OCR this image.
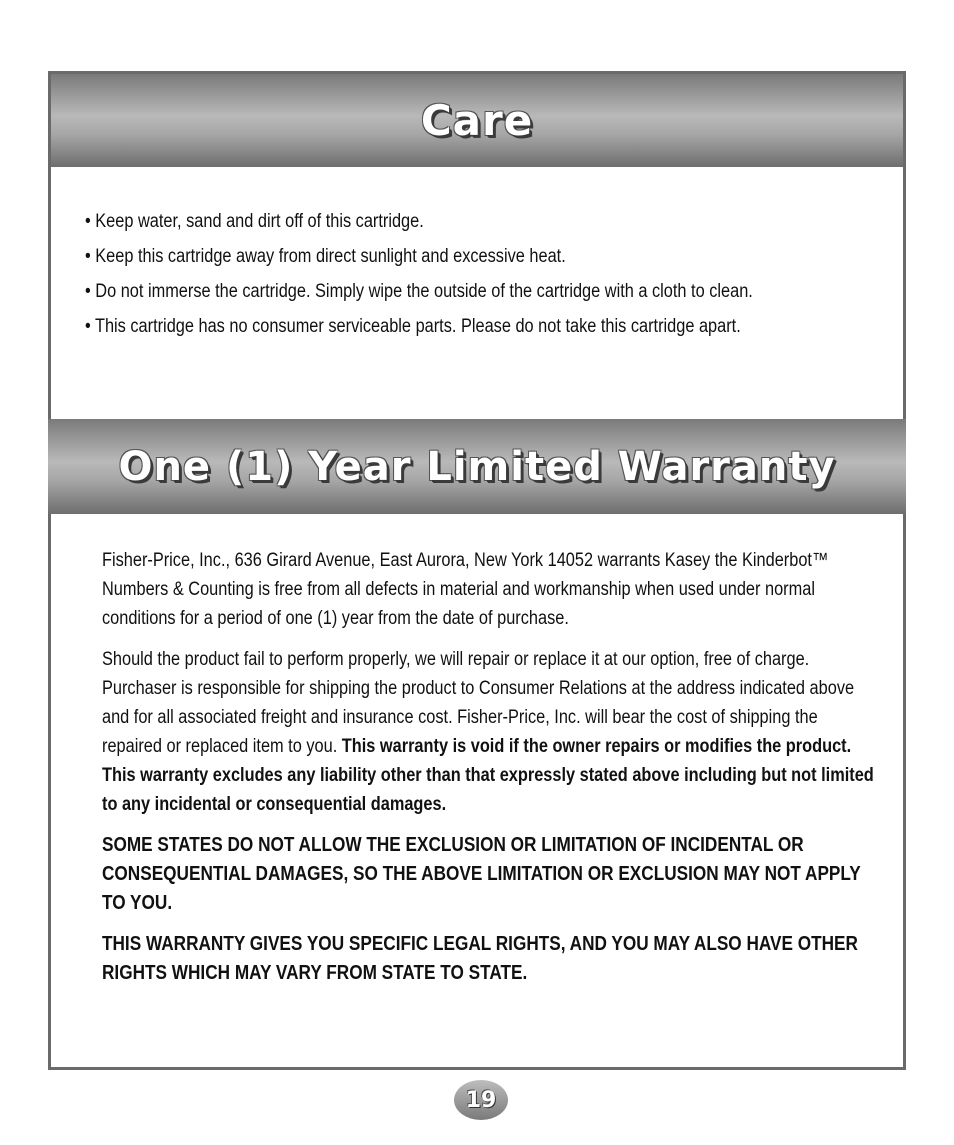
Care
• Keep water, sand and dirt off of this cartridge.
• Keep this cartridge away from direct sunlight and excessive heat.
• Do not immerse the cartridge. Simply wipe the outside of the cartridge with a cloth to clean.
• This cartridge has no consumer serviceable parts. Please do not take this cartridge apart.
One (1) Year Limited Warranty

Fisher-Price, Inc., 636 Girard Avenue, East Aurora, New York 14052 warrants Kasey the Kinderbot™ Numbers & Counting is free from all defects in material and workmanship when used under normal conditions for a period of one (1) year from the date of purchase.

Should the product fail to perform properly, we will repair or replace it at our option, free of charge. Purchaser is responsible for shipping the product to Consumer Relations at the address indicated above and for all associated freight and insurance cost. Fisher-Price, Inc. will bear the cost of shipping the repaired or replaced item to you. This warranty is void if the owner repairs or modifies the product. This warranty excludes any liability other than that expressly stated above including but not limited to any incidental or consequential damages.

SOME STATES DO NOT ALLOW THE EXCLUSION OR LIMITATION OF INCIDENTAL OR CONSEQUENTIAL DAMAGES, SO THE ABOVE LIMITATION OR EXCLUSION MAY NOT APPLY TO YOU.

THIS WARRANTY GIVES YOU SPECIFIC LEGAL RIGHTS, AND YOU MAY ALSO HAVE OTHER RIGHTS WHICH MAY VARY FROM STATE TO STATE.

19
